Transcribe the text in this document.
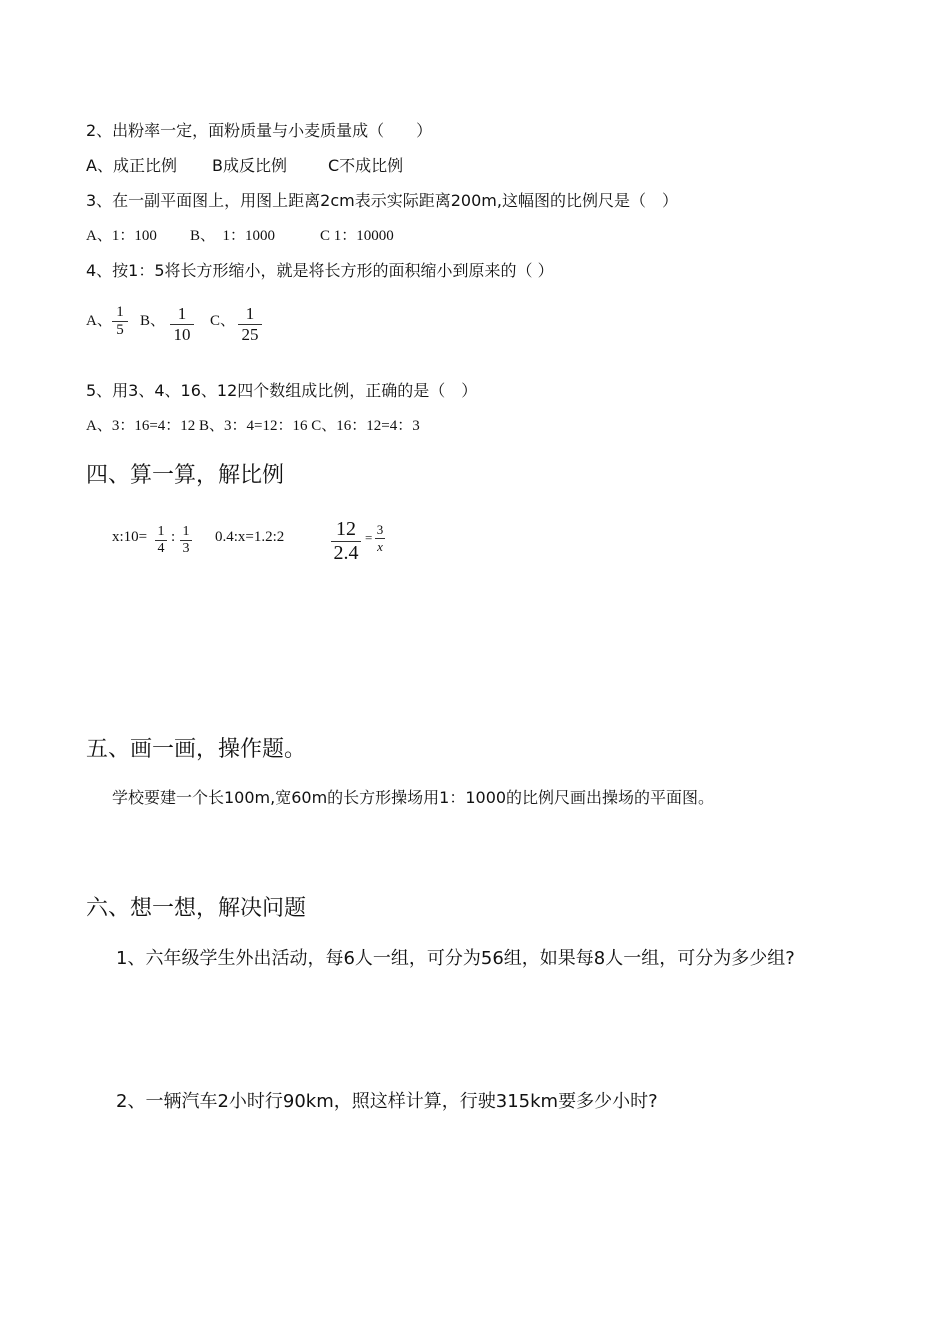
2、出粉率一定，面粉质量与小麦质量成（　　）
A、成正比例 B成反比例	C不成比例
3、在一副平面图上，用图上距离2cm表示实际距离200m,这幅图的比例尺是（　）
A、1：100 B、　1：1000	C 1：10000
4、按1：5将长方形缩小，就是将长方形的面积缩小到原来的（ ）
A、
1
5
B、 1
10
C、 1
25
5、用3、4、16、12四个数组成比例，正确的是（　）
A、3：16=4：12 B、3：4=12：16 C、16：12=4：3
四、算一算，解比例
x:10= 1
4
: 1
3
0.4:x=1.2:2	12
2.4
=
3
x
五、画一画，操作题。
学校要建一个长100m,宽60m的长方形操场用1：1000的比例尺画出操场的平面图。
六、想一想，解决问题
1、六年级学生外出活动，每6人一组，可分为56组，如果每8人一组，可分为多少组?
2、一辆汽车2小时行90km，照这样计算，行驶315km要多少小时?
